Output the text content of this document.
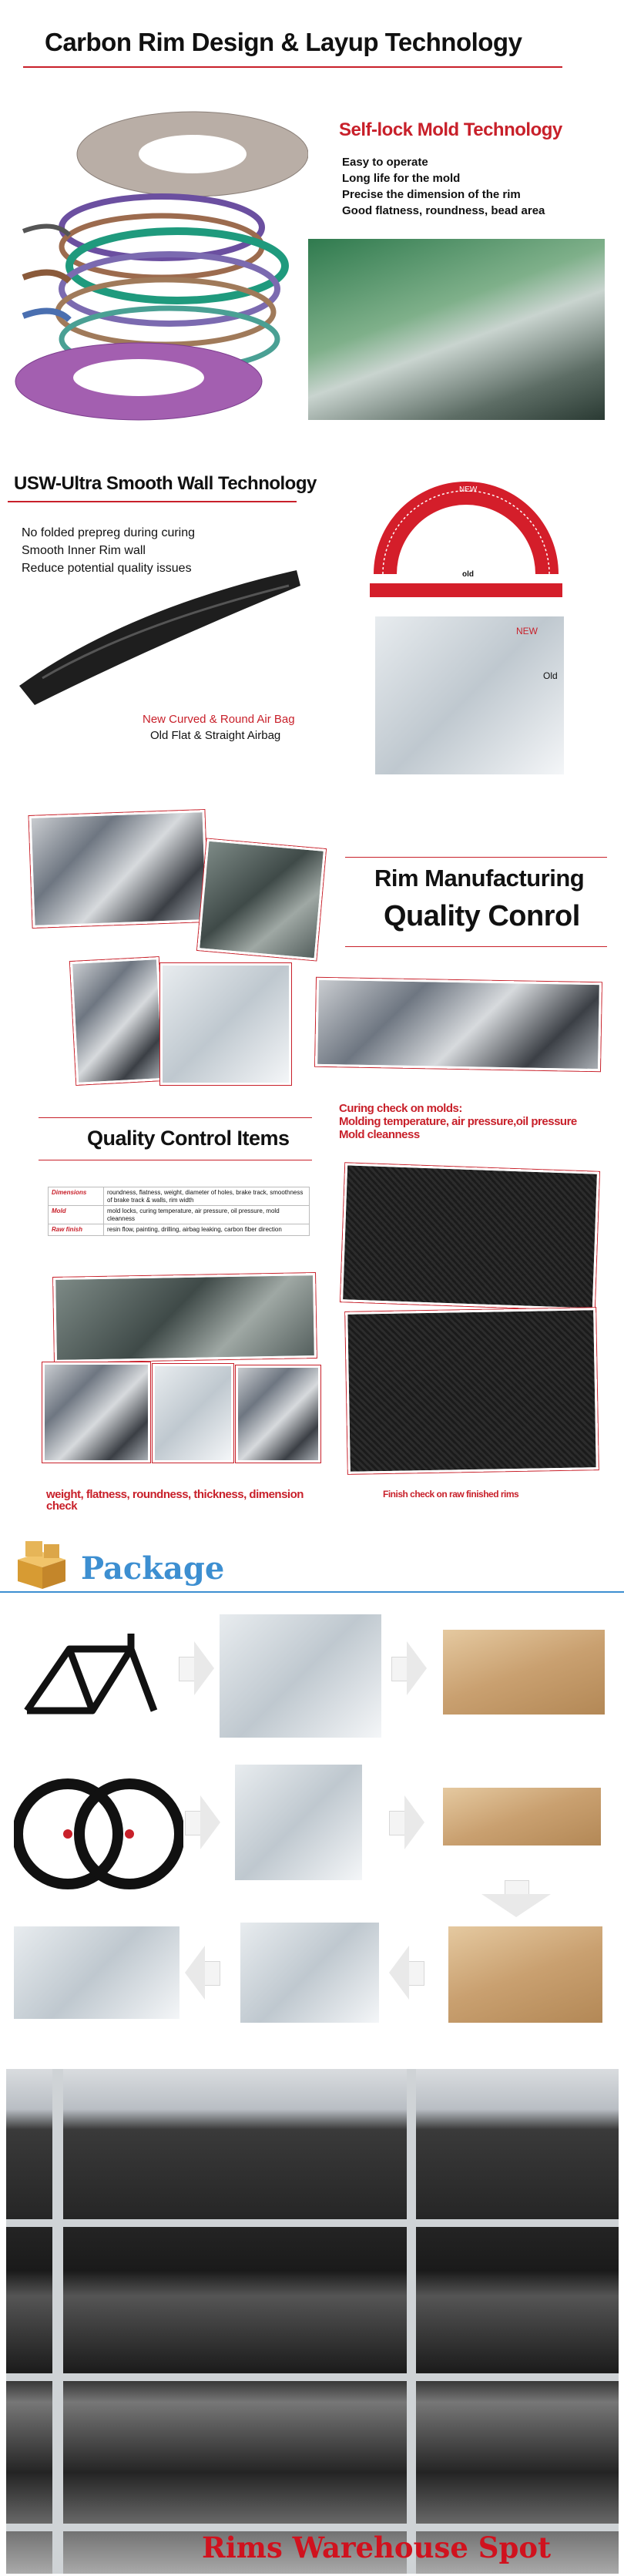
Carbon Rim Design & Layup Technology
Self-lock Mold Technology
Easy to operate
Long life for the mold
Precise the dimension of the rim
Good flatness, roundness, bead area
USW-Ultra Smooth Wall Technology
No folded prepreg during curing
Smooth Inner Rim wall
Reduce potential quality issues
New Curved & Round Air Bag
Old Flat & Straight Airbag
NEW
old
NEW
Old
Rim Manufacturing
Quality Conrol
Quality Control Items
Dimensions	roundness, flatness, weight, diameter of holes, brake track, smoothness of brake track & walls, rim width
Mold	mold locks, curing temperature, air pressure, oil pressure, mold cleanness
Raw finish	resin flow, painting, drilling, airbag leaking, carbon fiber direction
Curing check on molds:
Molding temperature, air pressure,oil pressure
Mold cleanness
weight, flatness, roundness, thickness, dimension check
Finish check on raw finished rims
Package
Rims Warehouse Spot
